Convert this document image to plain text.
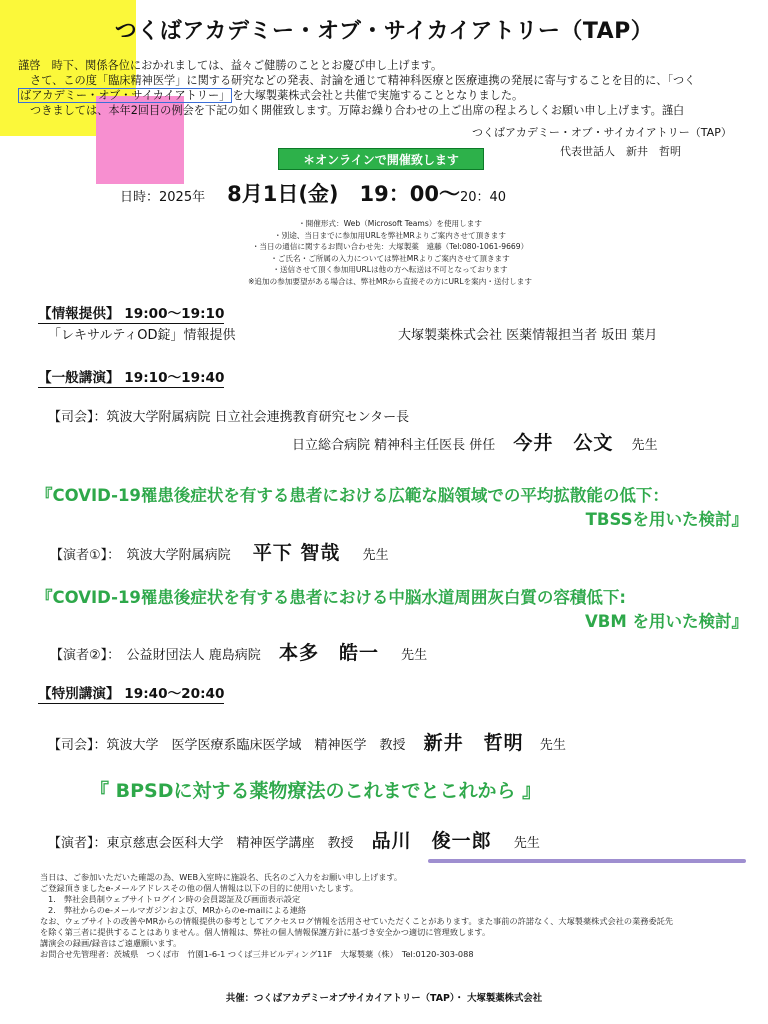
つくばアカデミー・オブ・サイカイアトリー（TAP）

謹啓　時下、関係各位におかれましては、益々ご健勝のこととお慶び申し上げます。

さて、この度「臨床精神医学」に関する研究などの発表、討論を通じて精神科医療と医療連携の発展に寄与することを目的に、「つく

ばアカデミー・オブ・サイカイアトリー」 を大塚製薬株式会社と共催で実施することとなりました。

つきましては、本年2回目の例会を下記の如く開催致します。万障お繰り合わせの上ご出席の程よろしくお願い申し上げます。謹白

つくばアカデミー・オブ・サイカイアトリー（TAP）
代表世話人　新井　哲明
＊オンラインで開催致します
日時：2025年 8月1日(金)　19：00～20：40

・開催形式：Web（Microsoft Teams）を使用します

・別途、当日までに参加用URLを弊社MRよりご案内させて頂きます

・当日の通信に関するお問い合わせ先：大塚製薬　遠藤（Tel:080-1061-9669）

・ご氏名・ご所属の入力については弊社MRよりご案内させて頂きます

・送信させて頂く参加用URLは他の方へ転送は不可となっております

※追加の参加要望がある場合は、弊社MRから直接その方にURLを案内・送付します

【情報提供】 19:00～19:10
「レキサルティOD錠」情報提供	大塚製薬株式会社 医薬情報担当者 坂田 葉月
【一般講演】 19:10～19:40
【司会】：筑波大学附属病院 日立社会連携教育研究センター長
日立総合病院 精神科主任医長 併任 今井　公文 先生
『COVID-19罹患後症状を有する患者における広範な脳領域での平均拡散能の低下：
TBSSを用いた検討』
【演者①】：　筑波大学附属病院 平下 智哉 先生
『COVID-19罹患後症状を有する患者における中脳水道周囲灰白質の容積低下:
VBM を用いた検討』
【演者②】：　公益財団法人 鹿島病院 本多　皓一 先生
【特別講演】 19:40～20:40
【司会】：筑波大学　医学医療系臨床医学域　精神医学　教授 新井　哲明 先生
『 BPSDに対する薬物療法のこれまでとこれから 』
【演者】：東京慈恵会医科大学　精神医学講座　教授 品川　俊一郎 先生

当日は、ご参加いただいた確認の為、WEB入室時に施設名、氏名のご入力をお願い申し上げます。

ご登録頂きましたe-メールアドレスその他の個人情報は以下の目的に使用いたします。

1.　弊社会員制ウェブサイトログイン時の会員認証及び画面表示設定

2.　弊社からのe-メールマガジンおよび、MRからのe-mailによる連絡

なお、ウェブサイトの改善やMRからの情報提供の参考としてアクセスログ情報を活用させていただくことがあります。また事前の許諾なく、大塚製薬株式会社の業務委託先

を除く第三者に提供することはありません。個人情報は、弊社の個人情報保護方針に基づき安全かつ適切に管理致します。

講演会の録画/録音はご遠慮願います。

お問合せ先管理者：茨城県　つくば市　竹園1-6-1 つくば三井ビルディング11F　大塚製薬（株）　Tel:0120-303-088

共催：つくばアカデミーオブサイカイアトリー（TAP）・ 大塚製薬株式会社
